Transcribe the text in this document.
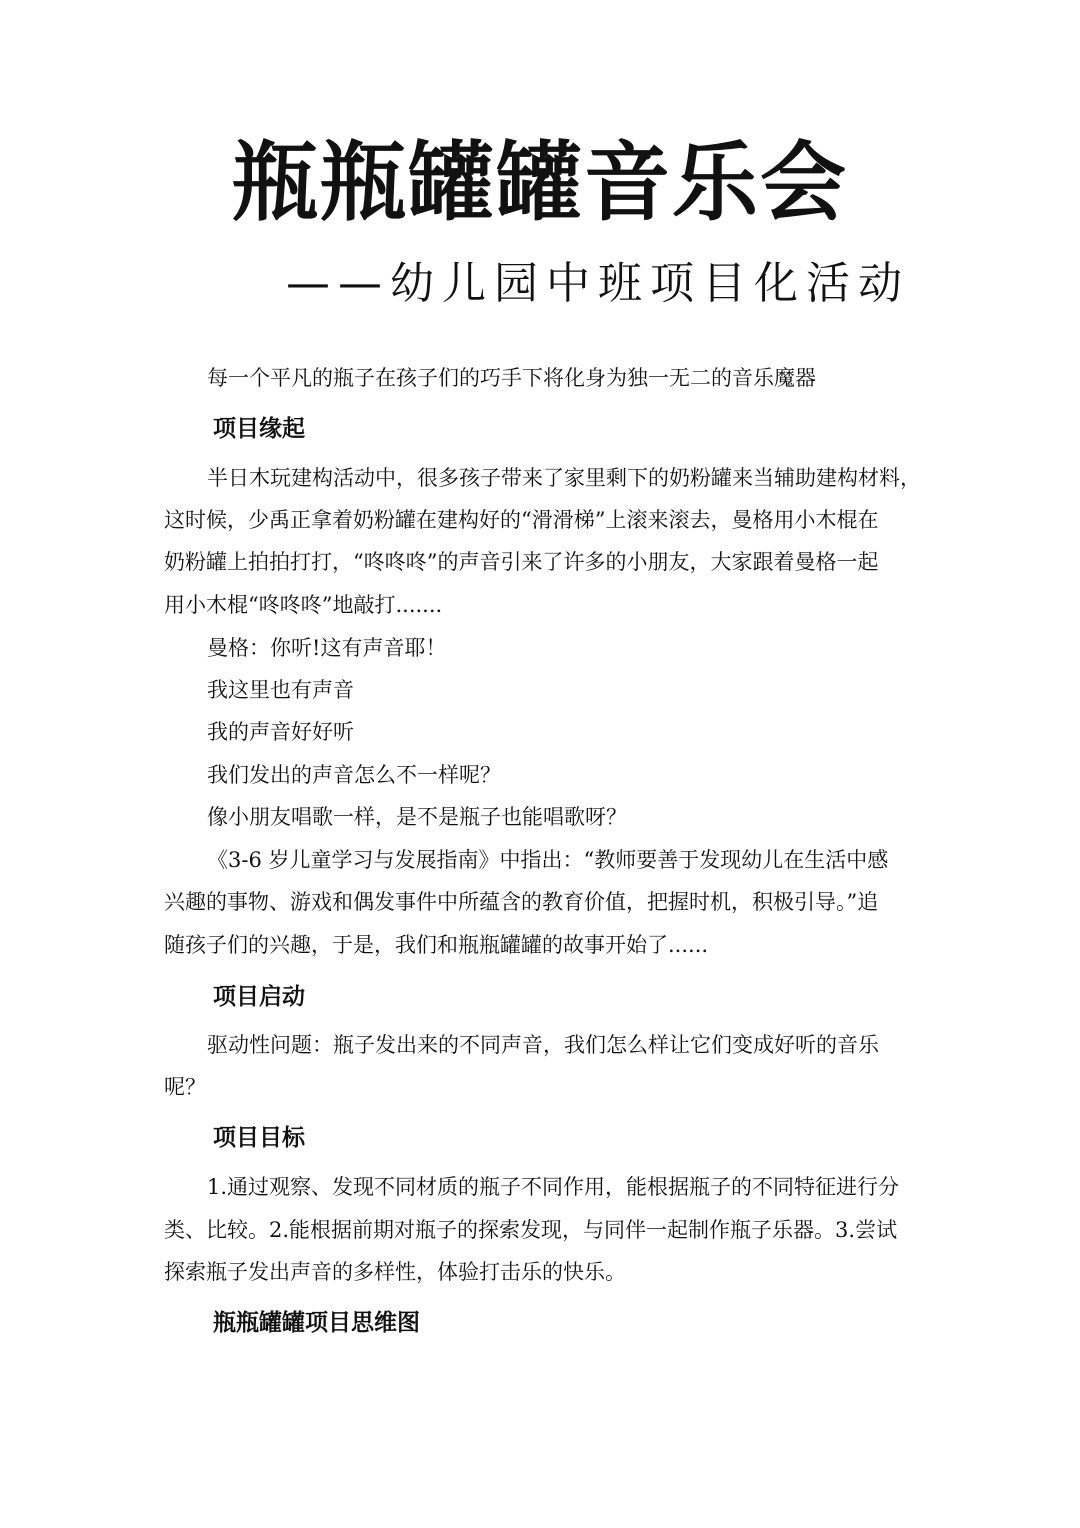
瓶瓶罐罐音乐会
——幼儿园中班项目化活动
每一个平凡的瓶子在孩子们的巧手下将化身为独一无二的音乐魔器
项目缘起
半日木玩建构活动中，很多孩子带来了家里剩下的奶粉罐来当辅助建构材料，
这时候，少禹正拿着奶粉罐在建构好的“滑滑梯”上滚来滚去，曼格用小木棍在
奶粉罐上拍拍打打，“咚咚咚”的声音引来了许多的小朋友，大家跟着曼格一起
用小木棍“咚咚咚”地敲打.......
曼格：你听!这有声音耶！
我这里也有声音
我的声音好好听
我们发出的声音怎么不一样呢？
像小朋友唱歌一样，是不是瓶子也能唱歌呀？
《3-6 岁儿童学习与发展指南》中指出：“教师要善于发现幼儿在生活中感
兴趣的事物、游戏和偶发事件中所蕴含的教育价值，把握时机，积极引导。”追
随孩子们的兴趣，于是，我们和瓶瓶罐罐的故事开始了......
项目启动
驱动性问题：瓶子发出来的不同声音，我们怎么样让它们变成好听的音乐
呢？
项目目标
1.通过观察、发现不同材质的瓶子不同作用，能根据瓶子的不同特征进行分
类、比较。2.能根据前期对瓶子的探索发现，与同伴一起制作瓶子乐器。3.尝试
探索瓶子发出声音的多样性，体验打击乐的快乐。
瓶瓶罐罐项目思维图
